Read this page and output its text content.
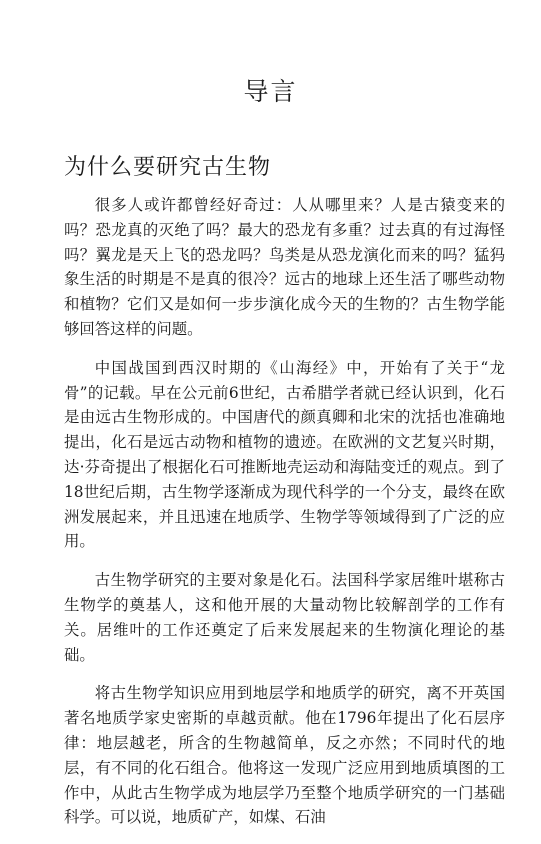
导言
为什么要研究古生物

很多人或许都曾经好奇过：人从哪里来？人是古猿变来的吗？恐龙真的灭绝了吗？最大的恐龙有多重？过去真的有过海怪吗？翼龙是天上飞的恐龙吗？鸟类是从恐龙演化而来的吗？猛犸象生活的时期是不是真的很冷？远古的地球上还生活了哪些动物和植物？它们又是如何一步步演化成今天的生物的？古生物学能够回答这样的问题。

中国战国到西汉时期的《山海经》中，开始有了关于“龙骨”的记载。早在公元前6世纪，古希腊学者就已经认识到，化石是由远古生物形成的。中国唐代的颜真卿和北宋的沈括也准确地提出，化石是远古动物和植物的遗迹。在欧洲的文艺复兴时期，达·芬奇提出了根据化石可推断地壳运动和海陆变迁的观点。到了18世纪后期，古生物学逐渐成为现代科学的一个分支，最终在欧洲发展起来，并且迅速在地质学、生物学等领域得到了广泛的应用。

古生物学研究的主要对象是化石。法国科学家居维叶堪称古生物学的奠基人，这和他开展的大量动物比较解剖学的工作有关。居维叶的工作还奠定了后来发展起来的生物演化理论的基础。

将古生物学知识应用到地层学和地质学的研究，离不开英国著名地质学家史密斯的卓越贡献。他在1796年提出了化石层序律：地层越老，所含的生物越简单，反之亦然；不同时代的地层，有不同的化石组合。他将这一发现广泛应用到地质填图的工作中，从此古生物学成为地层学乃至整个地质学研究的一门基础科学。可以说，地质矿产，如煤、石油
